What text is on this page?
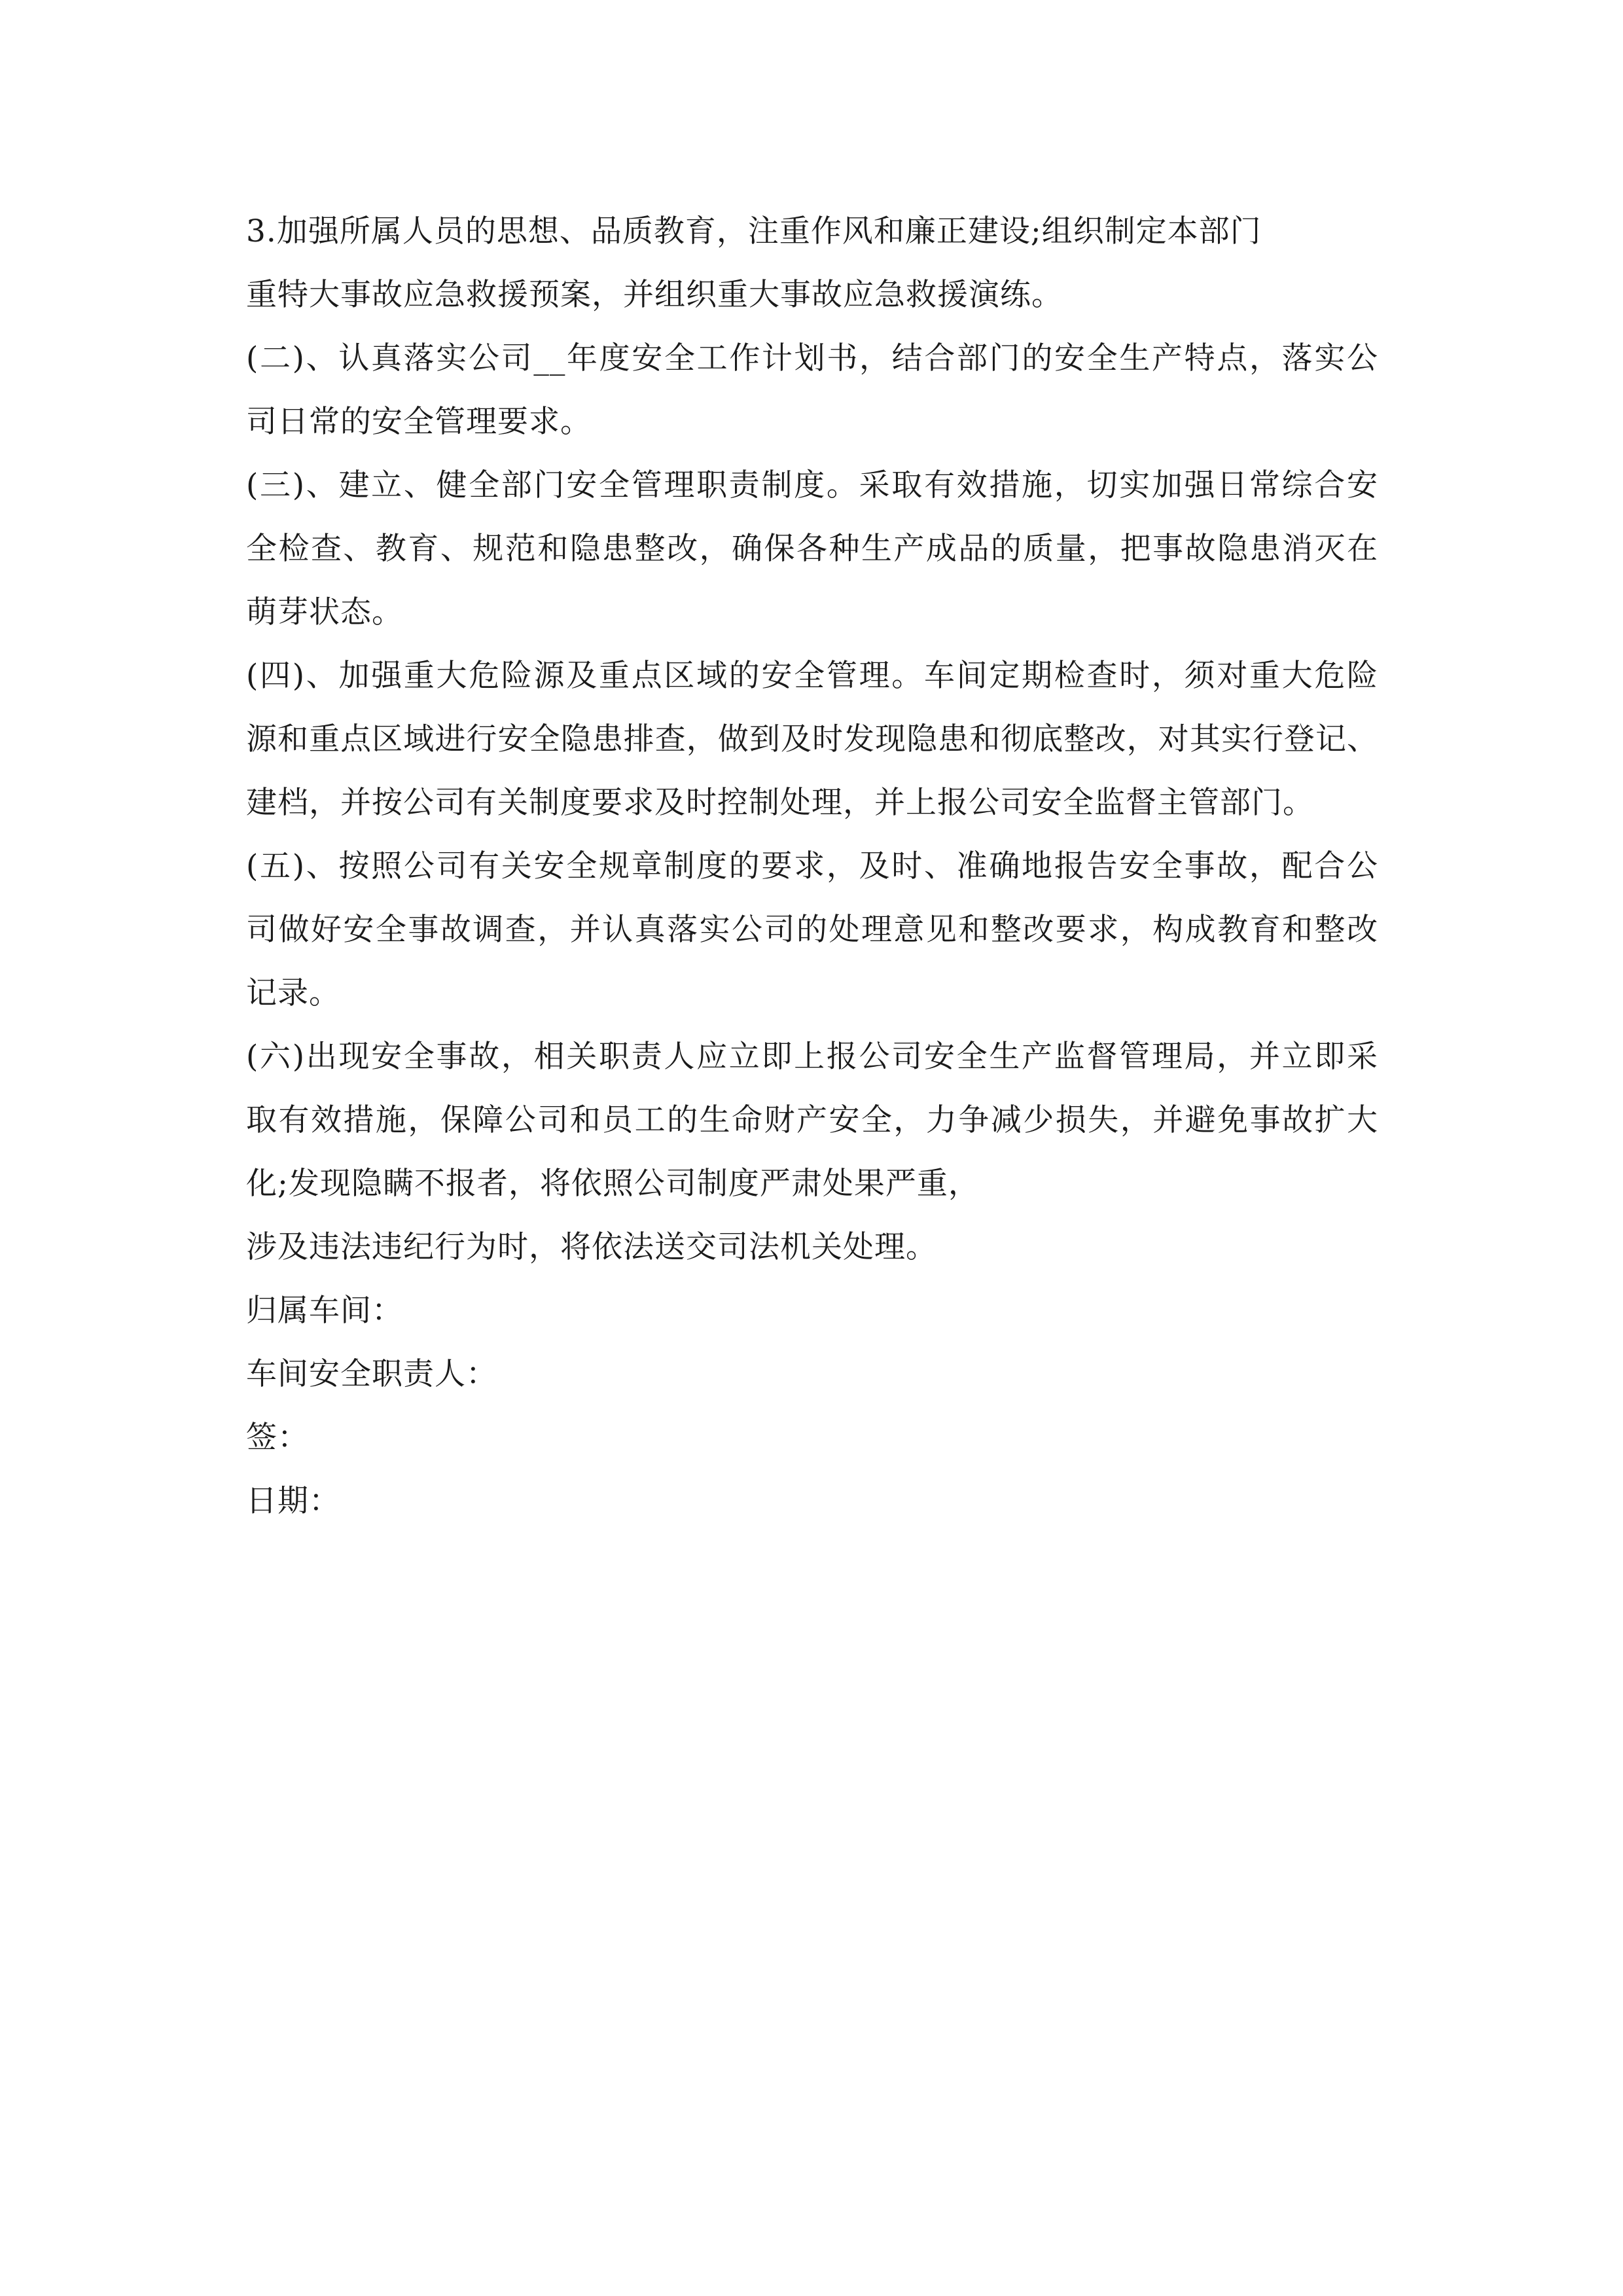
3.加强所属人员的思想、品质教育，注重作风和廉正建设;组织制定本部门
重特大事故应急救援预案，并组织重大事故应急救援演练。
(二)、认真落实公司__年度安全工作计划书，结合部门的安全生产特点，落实公
司日常的安全管理要求。
(三)、建立、健全部门安全管理职责制度。采取有效措施，切实加强日常综合安
全检查、教育、规范和隐患整改，确保各种生产成品的质量，把事故隐患消灭在
萌芽状态。
(四)、加强重大危险源及重点区域的安全管理。车间定期检查时，须对重大危险
源和重点区域进行安全隐患排查，做到及时发现隐患和彻底整改，对其实行登记、
建档，并按公司有关制度要求及时控制处理，并上报公司安全监督主管部门。
(五)、按照公司有关安全规章制度的要求，及时、准确地报告安全事故，配合公
司做好安全事故调查，并认真落实公司的处理意见和整改要求，构成教育和整改
记录。
(六)出现安全事故，相关职责人应立即上报公司安全生产监督管理局，并立即采
取有效措施，保障公司和员工的生命财产安全，力争减少损失，并避免事故扩大
化;发现隐瞒不报者，将依照公司制度严肃处果严重，
涉及违法违纪行为时，将依法送交司法机关处理。
归属车间：
车间安全职责人：
签：
日期：
